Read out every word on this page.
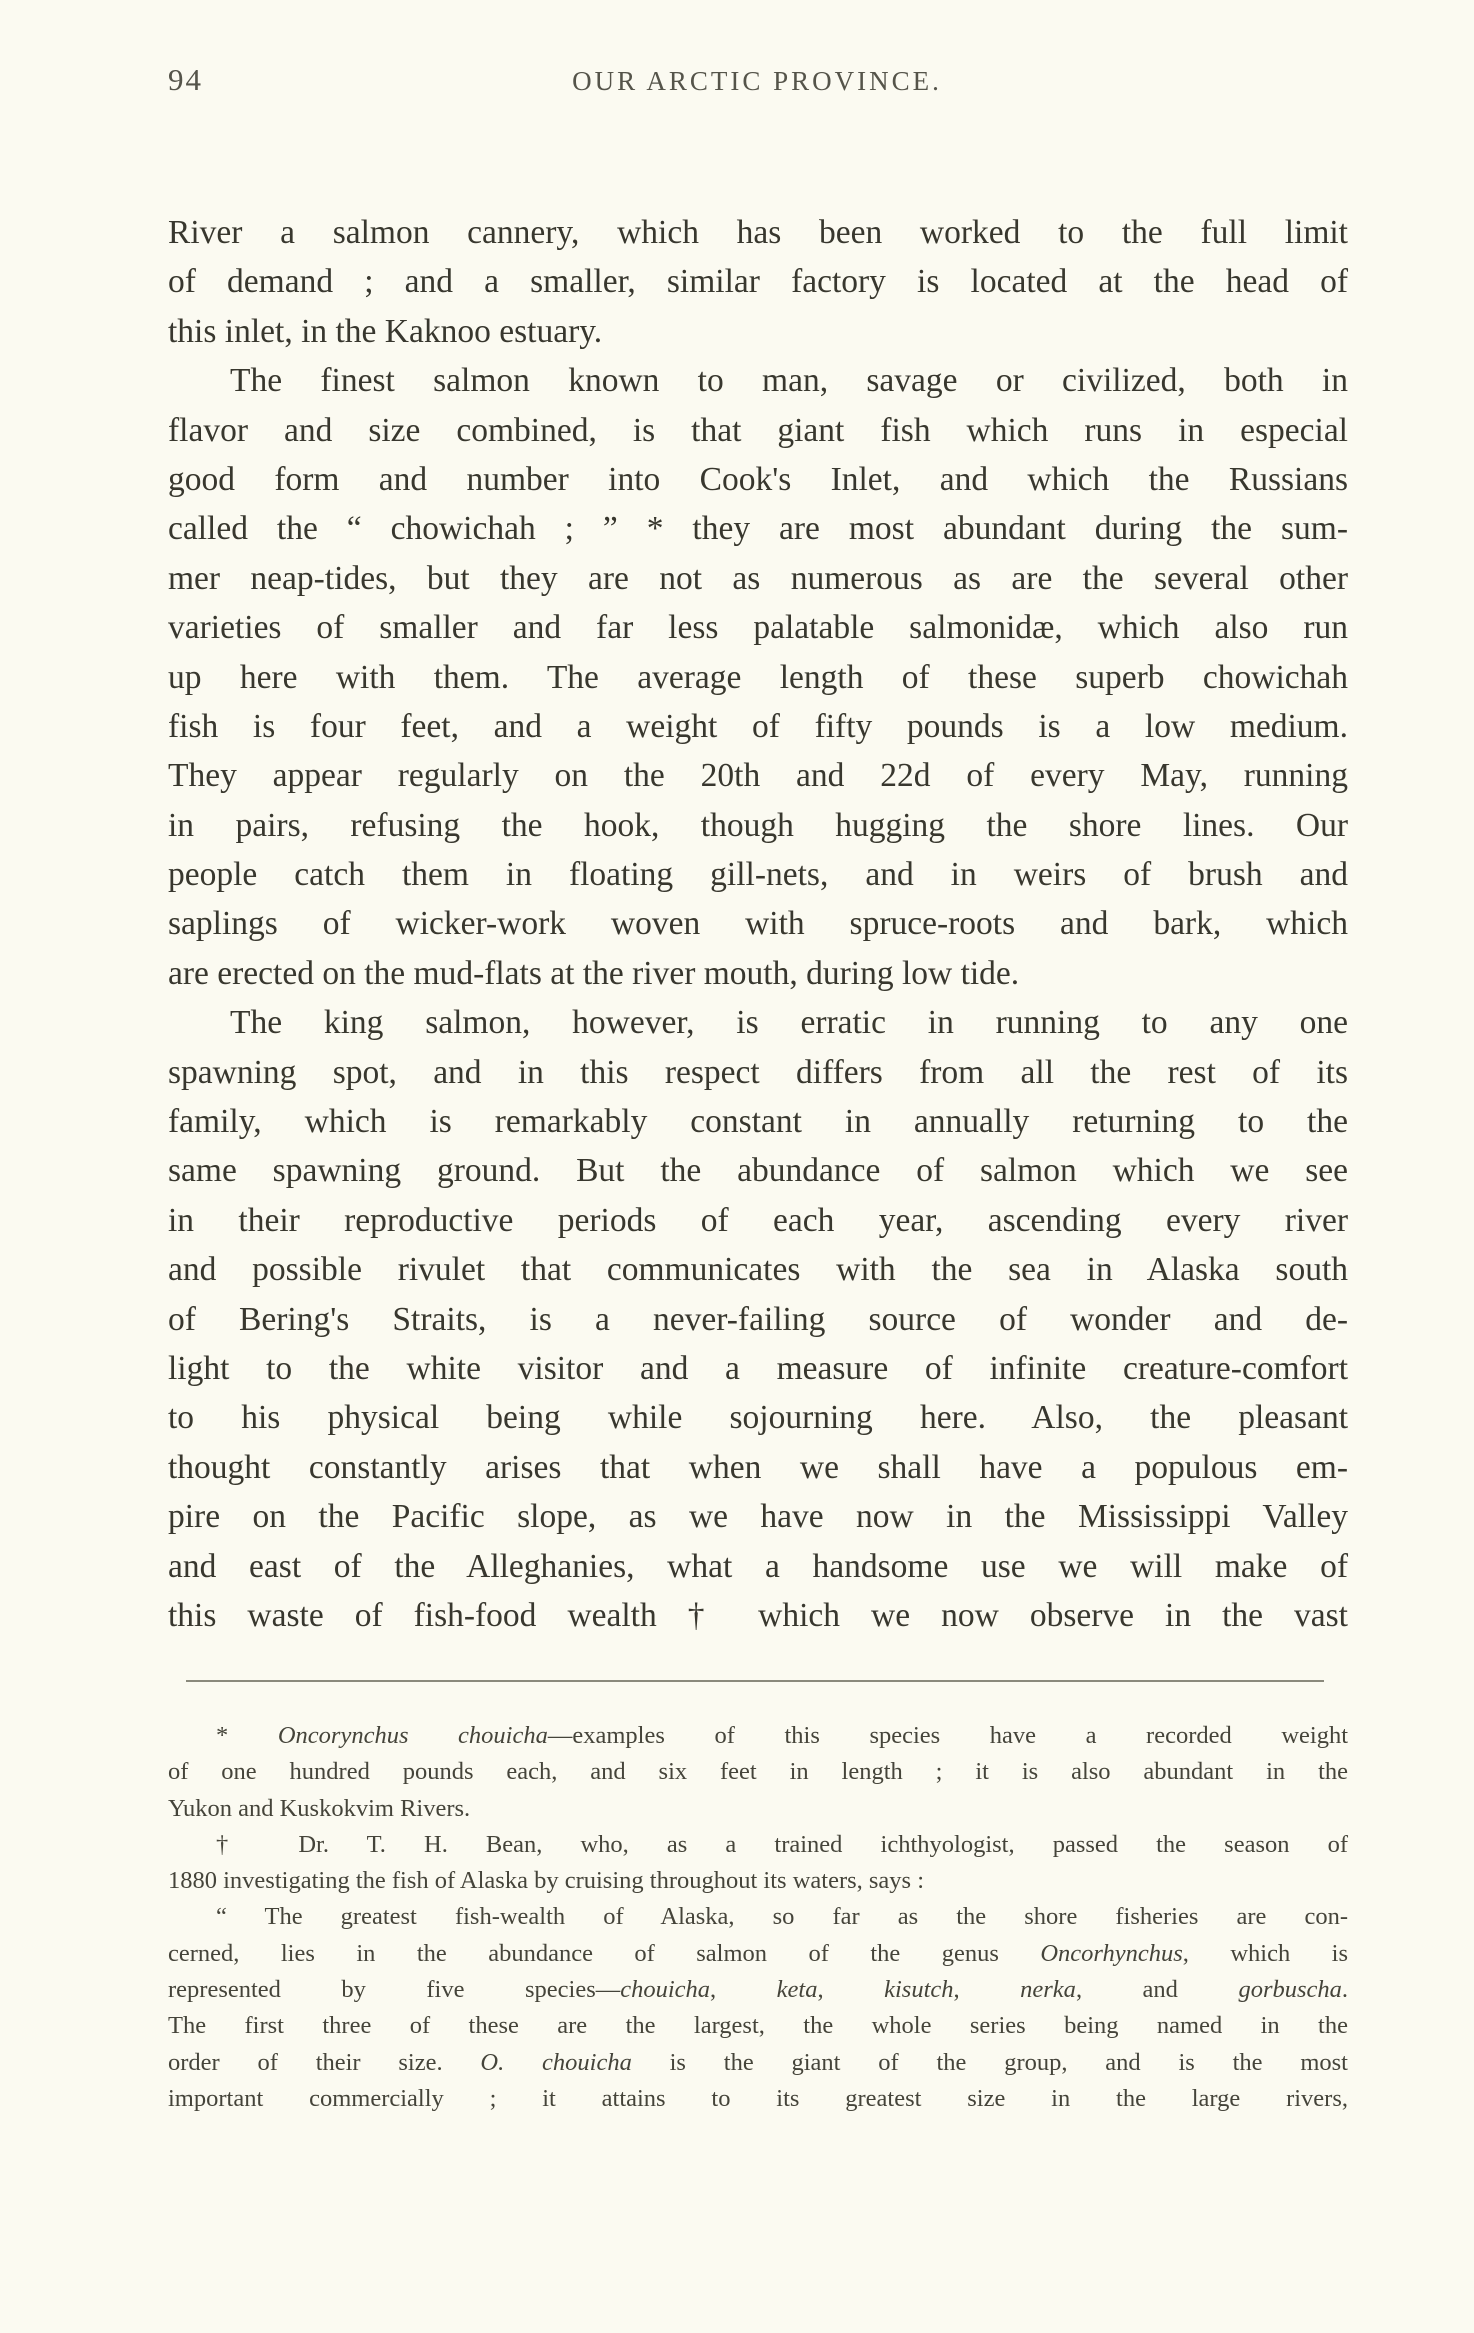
94	OUR ARCTIC PROVINCE.
River a salmon cannery, which has been worked to the full limit
of demand ; and a smaller, similar factory is located at the head of
this inlet, in the Kaknoo estuary.
The finest salmon known to man, savage or civilized, both in
flavor and size combined, is that giant fish which runs in especial
good form and number into Cook's Inlet, and which the Russians
called the “ chowichah ; ” * they are most abundant during the sum-
mer neap-tides, but they are not as numerous as are the several other
varieties of smaller and far less palatable salmonidæ, which also run
up here with them. The average length of these superb chowichah
fish is four feet, and a weight of fifty pounds is a low medium.
They appear regularly on the 20th and 22d of every May, running
in pairs, refusing the hook, though hugging the shore lines. Our
people catch them in floating gill-nets, and in weirs of brush and
saplings of wicker-work woven with spruce-roots and bark, which
are erected on the mud-flats at the river mouth, during low tide.
The king salmon, however, is erratic in running to any one
spawning spot, and in this respect differs from all the rest of its
family, which is remarkably constant in annually returning to the
same spawning ground. But the abundance of salmon which we see
in their reproductive periods of each year, ascending every river
and possible rivulet that communicates with the sea in Alaska south
of Bering's Straits, is a never-failing source of wonder and de-
light to the white visitor and a measure of infinite creature-comfort
to his physical being while sojourning here. Also, the pleasant
thought constantly arises that when we shall have a populous em-
pire on the Pacific slope, as we have now in the Mississippi Valley
and east of the Alleghanies, what a handsome use we will make of
this waste of fish-food wealth † which we now observe in the vast
* Oncorynchus chouicha—examples of this species have a recorded weight
of one hundred pounds each, and six feet in length ; it is also abundant in the
Yukon and Kuskokvim Rivers.
† Dr. T. H. Bean, who, as a trained ichthyologist, passed the season of
1880 investigating the fish of Alaska by cruising throughout its waters, says :
“ The greatest fish-wealth of Alaska, so far as the shore fisheries are con-
cerned, lies in the abundance of salmon of the genus Oncorhynchus, which is
represented by five species—chouicha, keta, kisutch, nerka, and gorbuscha.
The first three of these are the largest, the whole series being named in the
order of their size. O. chouicha is the giant of the group, and is the most
important commercially ; it attains to its greatest size in the large rivers,
